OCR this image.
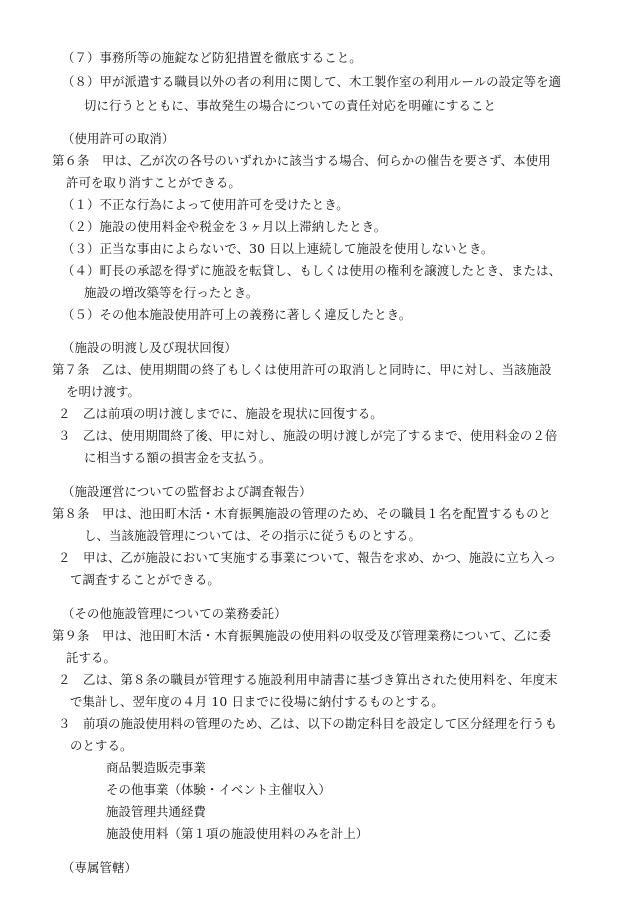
（７）事務所等の施錠など防犯措置を徹底すること。
（８）甲が派遣する職員以外の者の利用に関して、木工製作室の利用ルールの設定等を適
切に行うとともに、事故発生の場合についての責任対応を明確にすること
（使用許可の取消）
第６条　甲は、乙が次の各号のいずれかに該当する場合、何らかの催告を要さず、本使用
許可を取り消すことができる。
（１）不正な行為によって使用許可を受けたとき。
（２）施設の使用料金や税金を３ヶ月以上滞納したとき。
（３）正当な事由によらないで、30 日以上連続して施設を使用しないとき。
（４）町長の承認を得ずに施設を転貸し、もしくは使用の権利を譲渡したとき、または、
施設の増改築等を行ったとき。
（５）その他本施設使用許可上の義務に著しく違反したとき。
（施設の明渡し及び現状回復）
第７条　乙は、使用期間の終了もしくは使用許可の取消しと同時に、甲に対し、当該施設
を明け渡す。
２　乙は前項の明け渡しまでに、施設を現状に回復する。
３　乙は、使用期間終了後、甲に対し、施設の明け渡しが完了するまで、使用料金の２倍
に相当する額の損害金を支払う。
（施設運営についての監督および調査報告）
第８条　甲は、池田町木活・木育振興施設の管理のため、その職員１名を配置するものと
し、当該施設管理については、その指示に従うものとする。
２　甲は、乙が施設において実施する事業について、報告を求め、かつ、施設に立ち入っ
て調査することができる。
（その他施設管理についての業務委託）
第９条　甲は、池田町木活・木育振興施設の使用料の収受及び管理業務について、乙に委
託する。
２　乙は、第８条の職員が管理する施設利用申請書に基づき算出された使用料を、年度末
で集計し、翌年度の４月 10 日までに役場に納付するものとする。
３　前項の施設使用料の管理のため、乙は、以下の勘定科目を設定して区分経理を行うも
のとする。
商品製造販売事業
その他事業（体験・イベント主催収入）
施設管理共通経費
施設使用料（第１項の施設使用料のみを計上）
（専属管轄）
